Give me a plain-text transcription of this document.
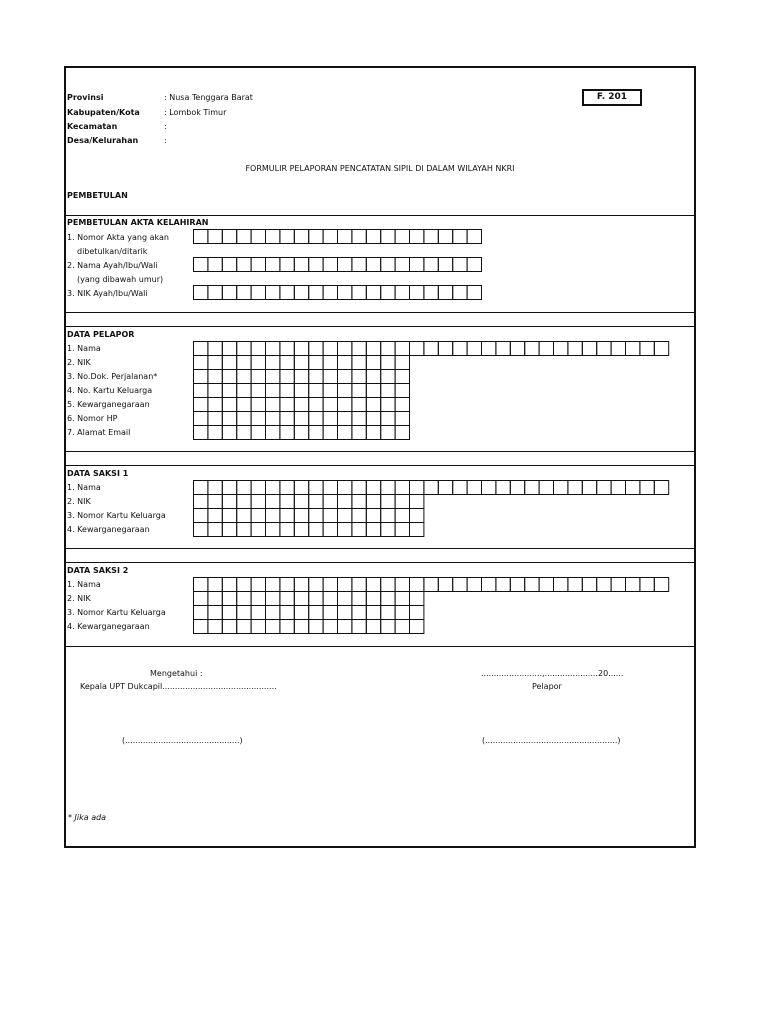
Provinsi	: Nusa Tenggara Barat
Kabupaten/Kota	: Lombok Timur
Kecamatan	:
Desa/Kelurahan	:
F. 201
FORMULIR PELAPORAN PENCATATAN SIPIL DI DALAM WILAYAH NKRI
PEMBETULAN
PEMBETULAN AKTA KELAHIRAN
1. Nomor Akta yang akan
dibetulkan/ditarik
2. Nama Ayah/Ibu/Wali
(yang dibawah umur)
3. NIK Ayah/Ibu/Wali
DATA PELAPOR
1. Nama
2. NIK
3. No.Dok. Perjalanan*
4. No. Kartu Keluarga
5. Kewarganegaraan
6. Nomor HP
7. Alamat Email
DATA SAKSI 1
1. Nama
2. NIK
3. Nomor Kartu Keluarga
4. Kewarganegaraan
DATA SAKSI 2
1. Nama
2. NIK
3. Nomor Kartu Keluarga
4. Kewarganegaraan
Mengetahui :
Kepala UPT Dukcapil.............................................
........................,.....................20......
Pelapor
(.............................................)	(....................................................)
* Jika ada
